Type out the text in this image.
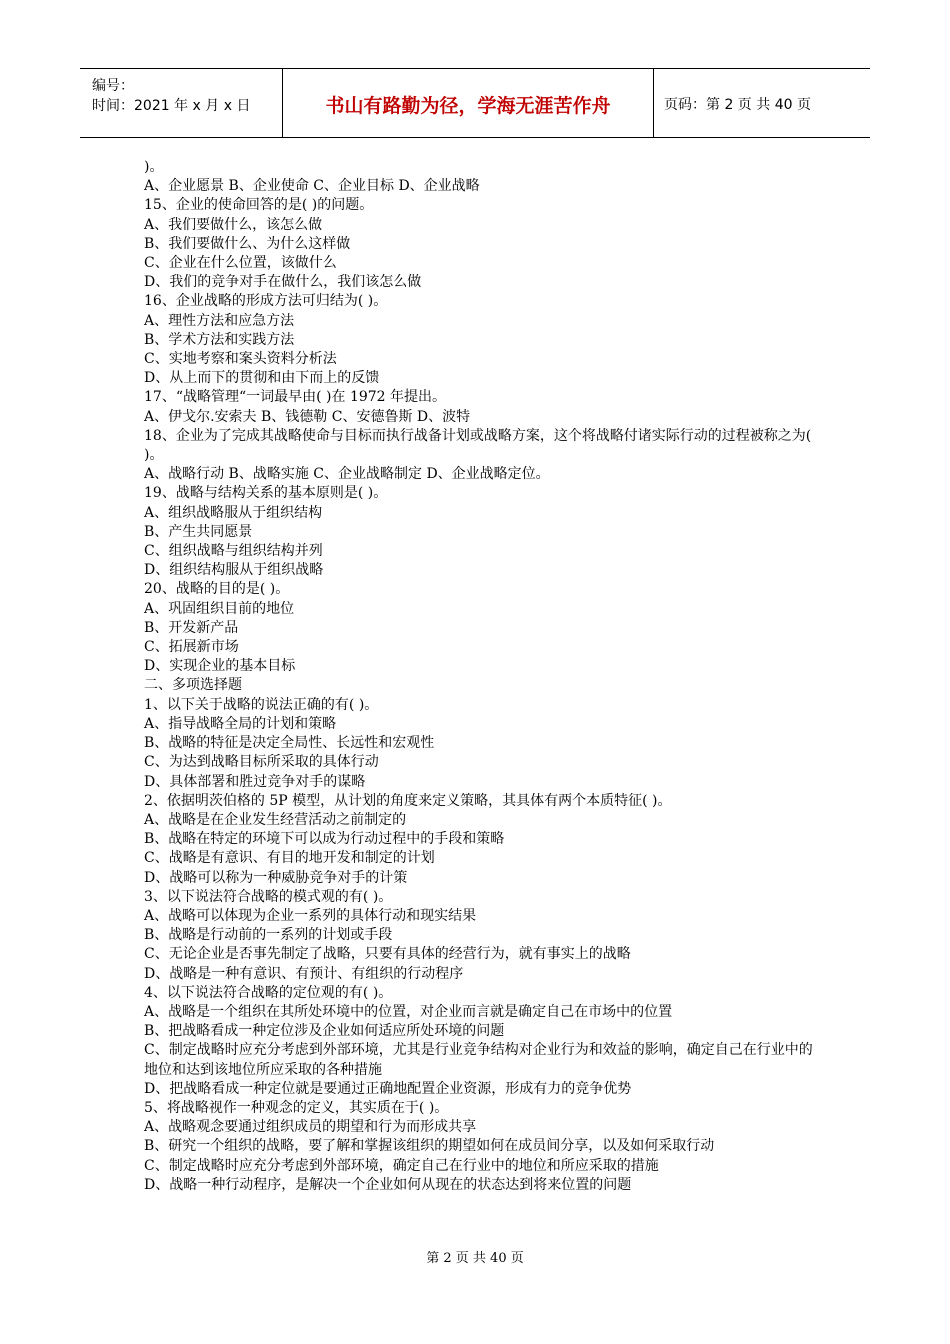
编号：
时间：2021 年 x 月 x 日	书山有路勤为径，学海无涯苦作舟	页码：第 2 页 共 40 页

)。

A、企业愿景 B、企业使命 C、企业目标 D、企业战略

15、企业的使命回答的是( )的问题。

A、我们要做什么，该怎么做

B、我们要做什么、为什么这样做

C、企业在什么位置，该做什么

D、我们的竞争对手在做什么，我们该怎么做

16、企业战略的形成方法可归结为( )。

A、理性方法和应急方法

B、学术方法和实践方法

C、实地考察和案头资料分析法

D、从上而下的贯彻和由下而上的反馈

17、“战略管理“一词最早由( )在 1972 年提出。

A、伊戈尔.安索夫 B、钱德勒 C、安德鲁斯 D、波特

18、企业为了完成其战略使命与目标而执行战备计划或战略方案，这个将战略付诸实际行动的过程被称之为( )。

A、战略行动 B、战略实施 C、企业战略制定 D、企业战略定位。

19、战略与结构关系的基本原则是( )。

A、组织战略服从于组织结构

B、产生共同愿景

C、组织战略与组织结构并列

D、组织结构服从于组织战略

20、战略的目的是( )。

A、巩固组织目前的地位

B、开发新产品

C、拓展新市场

D、实现企业的基本目标

二、多项选择题

1、以下关于战略的说法正确的有( )。

A、指导战略全局的计划和策略

B、战略的特征是决定全局性、长远性和宏观性

C、为达到战略目标所采取的具体行动

D、具体部署和胜过竞争对手的谋略

2、依据明茨伯格的 5P 模型，从计划的角度来定义策略，其具体有两个本质特征( )。

A、战略是在企业发生经营活动之前制定的

B、战略在特定的环境下可以成为行动过程中的手段和策略

C、战略是有意识、有目的地开发和制定的计划

D、战略可以称为一种威胁竞争对手的计策

3、以下说法符合战略的模式观的有( )。

A、战略可以体现为企业一系列的具体行动和现实结果

B、战略是行动前的一系列的计划或手段

C、无论企业是否事先制定了战略，只要有具体的经营行为，就有事实上的战略

D、战略是一种有意识、有预计、有组织的行动程序

4、以下说法符合战略的定位观的有( )。

A、战略是一个组织在其所处环境中的位置，对企业而言就是确定自己在市场中的位置

B、把战略看成一种定位涉及企业如何适应所处环境的问题

C、制定战略时应充分考虑到外部环境，尤其是行业竞争结构对企业行为和效益的影响，确定自己在行业中的地位和达到该地位所应采取的各种措施

D、把战略看成一种定位就是要通过正确地配置企业资源，形成有力的竞争优势

5、将战略视作一种观念的定义，其实质在于( )。

A、战略观念要通过组织成员的期望和行为而形成共享

B、研究一个组织的战略，要了解和掌握该组织的期望如何在成员间分享，以及如何采取行动

C、制定战略时应充分考虑到外部环境，确定自己在行业中的地位和所应采取的措施

D、战略一种行动程序，是解决一个企业如何从现在的状态达到将来位置的问题

第 2 页 共 40 页
